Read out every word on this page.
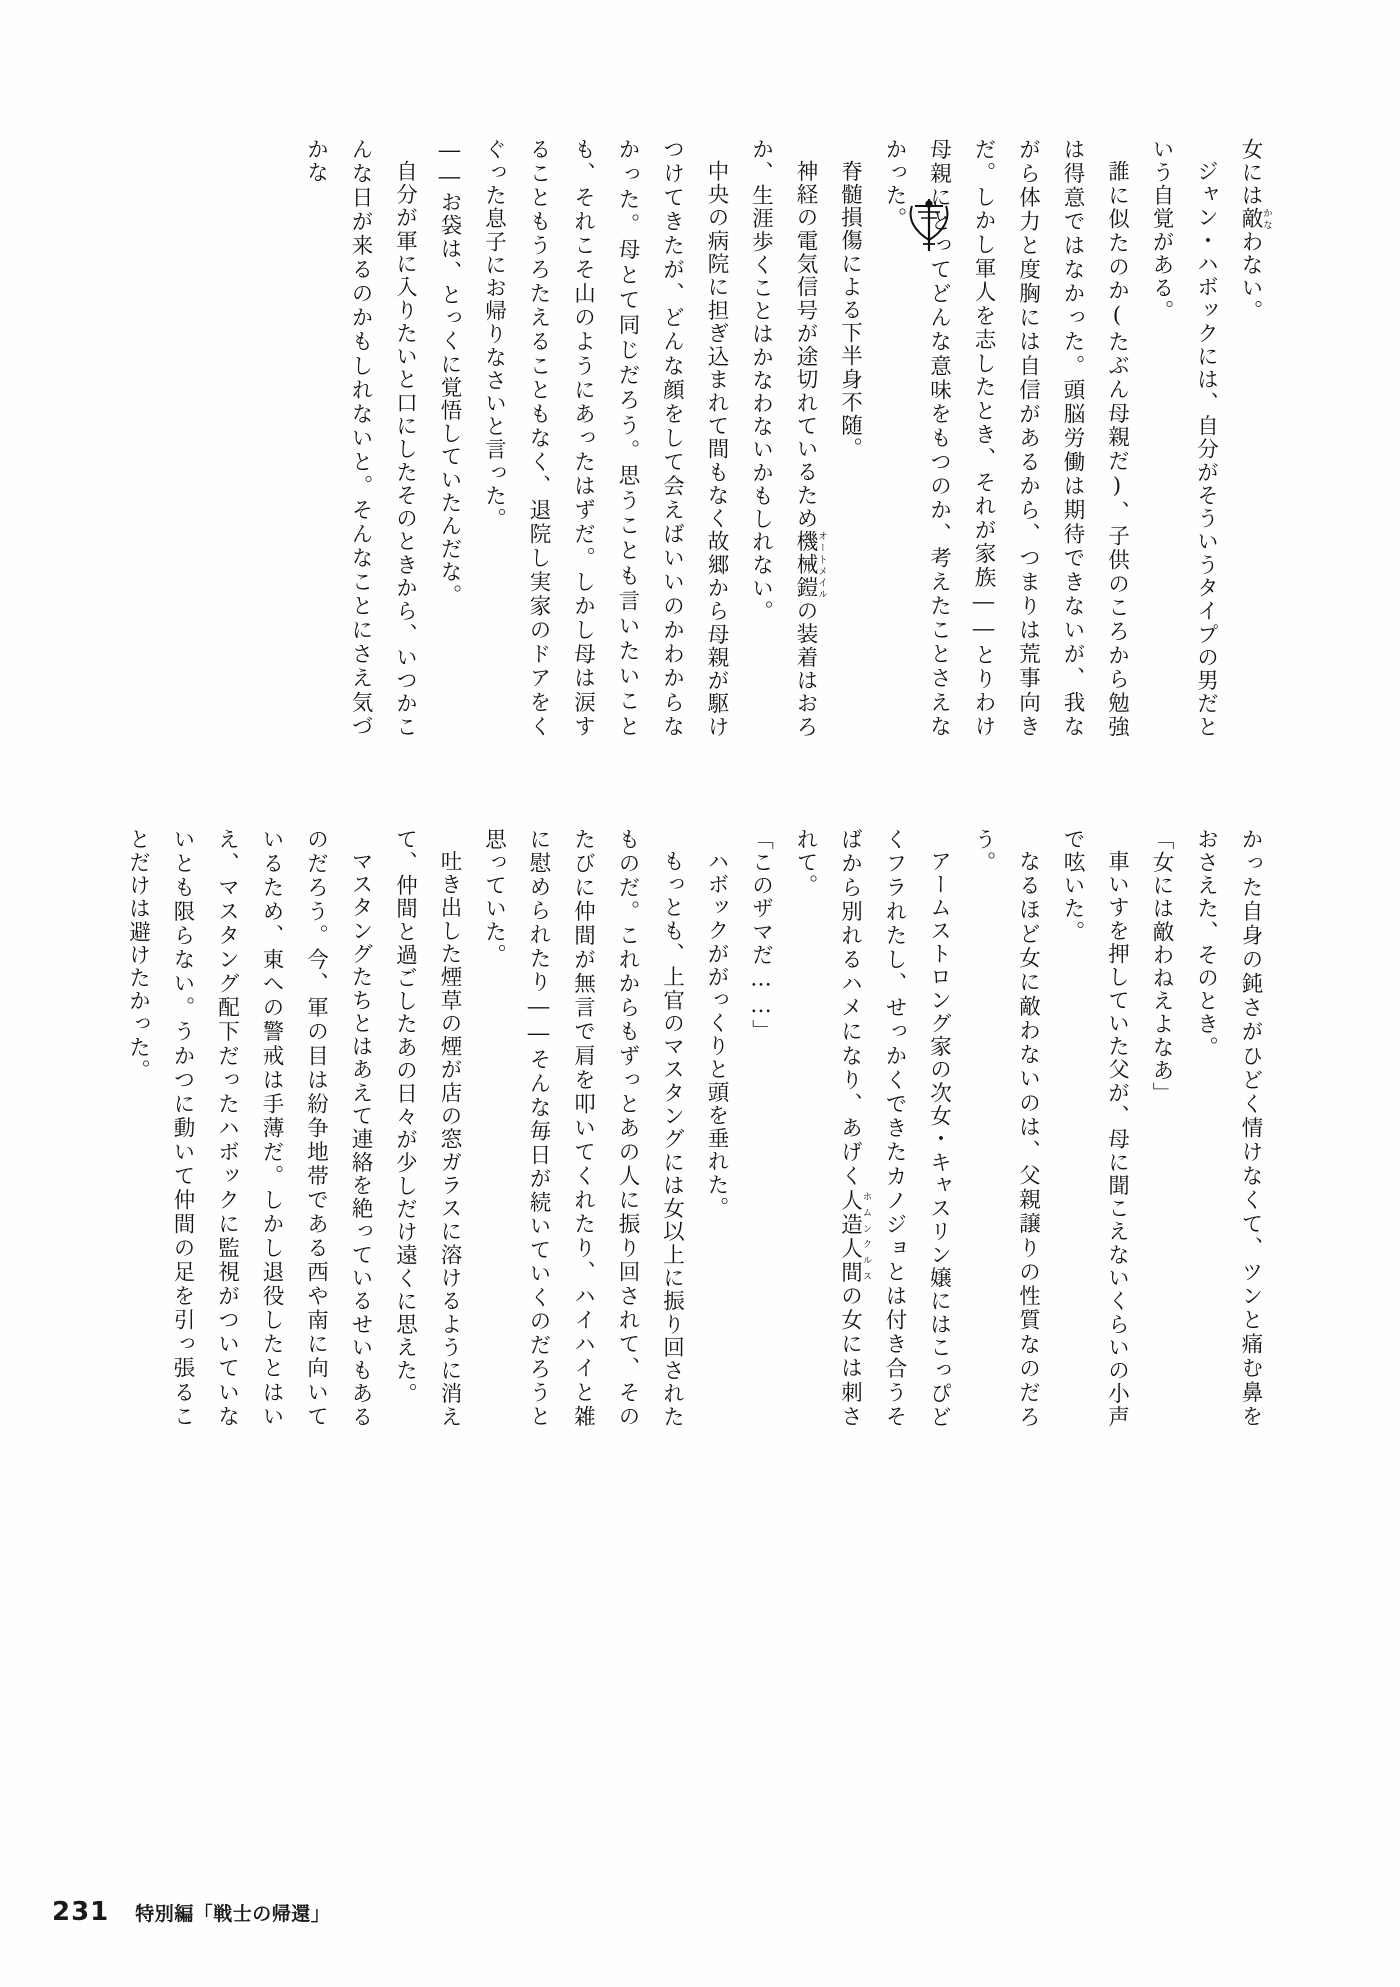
女には敵かなわない。

ジャン・ハボックには、自分がそういうタイプの男だという自覚がある。

誰に似たのか(たぶん母親だ)、子供のころから勉強は得意ではなかった。頭脳労働は期待できないが、我ながら体力と度胸には自信があるから、つまりは荒事向きだ。しかし軍人を志したとき、それが家族――とりわけ母親にとってどんな意味をもつのか、考えたことさえなかった。

脊髄損傷による下半身不随。

神経の電気信号が途切れているため機械鎧オートメイルの装着はおろか、生涯歩くことはかなわないかもしれない。

中央の病院に担ぎ込まれて間もなく故郷から母親が駆けつけてきたが、どんな顔をして会えばいいのかわからなかった。母とて同じだろう。思うことも言いたいことも、それこそ山のようにあったはずだ。しかし母は涙することもうろたえることもなく、退院し実家のドアをくぐった息子にお帰りなさいと言った。

――お袋は、とっくに覚悟していたんだな。

自分が軍に入りたいと口にしたそのときから、いつかこんな日が来るのかもしれないと。そんなことにさえ気づかな

かった自身の鈍さがひどく情けなくて、ツンと痛む鼻をおさえた、そのとき。

「女には敵わねえよなあ」

車いすを押していた父が、母に聞こえないくらいの小声で呟いた。

なるほど女に敵わないのは、父親譲りの性質なのだろう。

アームストロング家の次女・キャスリン嬢にはこっぴどくフラれたし、せっかくできたカノジョとは付き合うそばから別れるハメになり、あげく人造人間ホムンクルスの女には刺されて。

「このザマだ……」

ハボックががっくりと頭を垂れた。

もっとも、上官のマスタングには女以上に振り回されたものだ。これからもずっとあの人に振り回されて、そのたびに仲間が無言で肩を叩いてくれたり、ハイハイと雑に慰められたり――そんな毎日が続いていくのだろうと思っていた。

吐き出した煙草の煙が店の窓ガラスに溶けるように消えて、仲間と過ごしたあの日々が少しだけ遠くに思えた。

マスタングたちとはあえて連絡を絶っているせいもあるのだろう。今、軍の目は紛争地帯である西や南に向いているため、東への警戒は手薄だ。しかし退役したとはいえ、マスタング配下だったハボックに監視がついていないとも限らない。うかつに動いて仲間の足を引っ張ることだけは避けたかった。

231 特別編「戦士の帰還」
